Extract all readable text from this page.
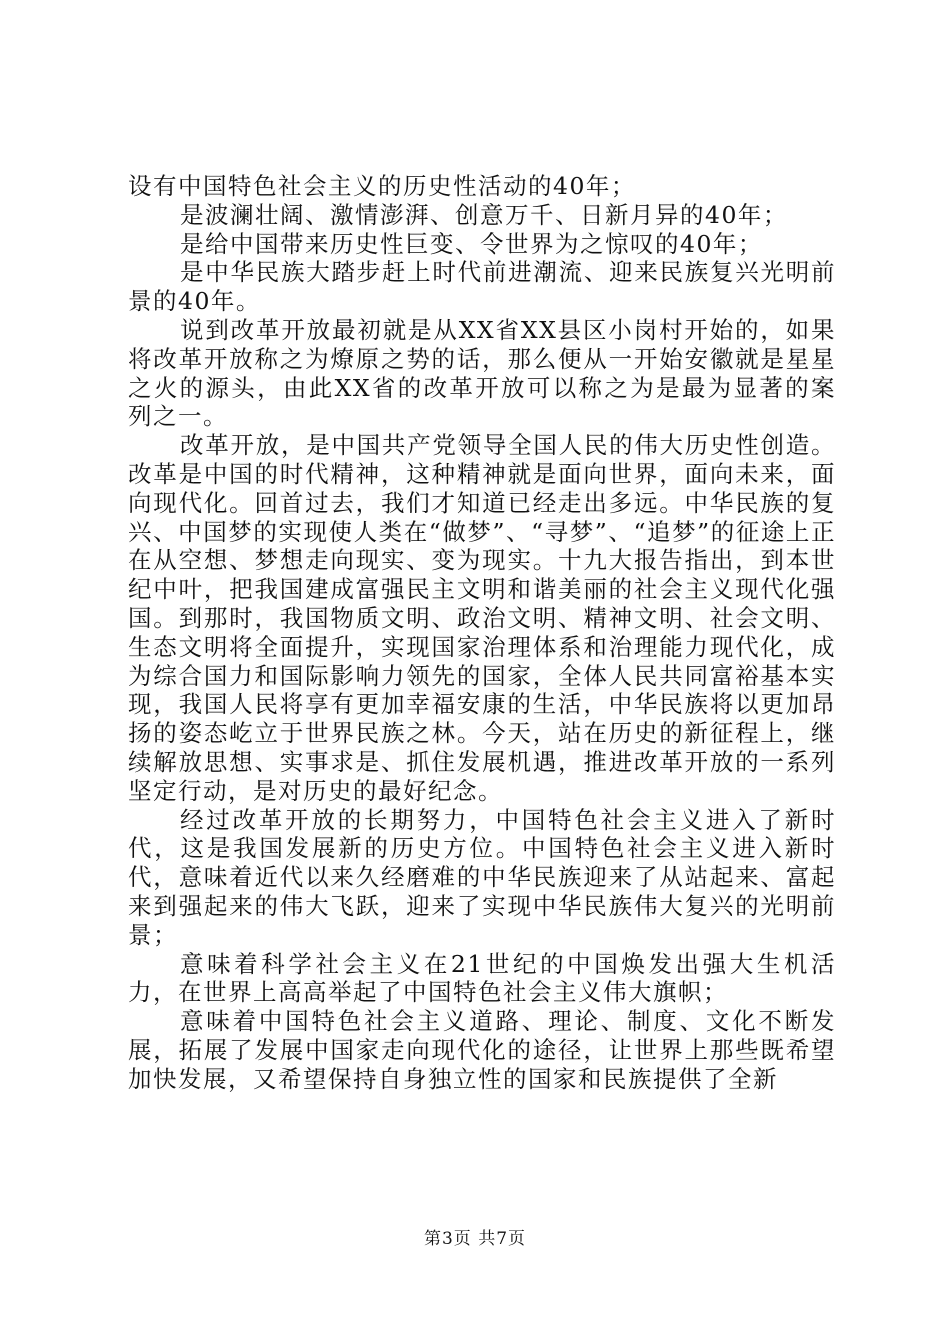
设有中国特色社会主义的历史性活动的40年；

是波澜壮阔、激情澎湃、创意万千、日新月异的40年；

是给中国带来历史性巨变、令世界为之惊叹的40年；

是中华民族大踏步赶上时代前进潮流、迎来民族复兴光明前景的40年。

说到改革开放最初就是从XX省XX县区小岗村开始的，如果将改革开放称之为燎原之势的话，那么便从一开始安徽就是星星之火的源头，由此XX省的改革开放可以称之为是最为显著的案列之一。

改革开放，是中国共产党领导全国人民的伟大历史性创造。改革是中国的时代精神，这种精神就是面向世界，面向未来，面向现代化。回首过去，我们才知道已经走出多远。中华民族的复兴、中国梦的实现使人类在“做梦”、“寻梦”、“追梦”的征途上正在从空想、梦想走向现实、变为现实。十九大报告指出，到本世纪中叶，把我国建成富强民主文明和谐美丽的社会主义现代化强国。到那时，我国物质文明、政治文明、精神文明、社会文明、生态文明将全面提升，实现国家治理体系和治理能力现代化，成为综合国力和国际影响力领先的国家，全体人民共同富裕基本实现，我国人民将享有更加幸福安康的生活，中华民族将以更加昂扬的姿态屹立于世界民族之林。今天，站在历史的新征程上，继续解放思想、实事求是、抓住发展机遇，推进改革开放的一系列坚定行动，是对历史的最好纪念。

经过改革开放的长期努力，中国特色社会主义进入了新时代，这是我国发展新的历史方位。中国特色社会主义进入新时代，意味着近代以来久经磨难的中华民族迎来了从站起来、富起来到强起来的伟大飞跃，迎来了实现中华民族伟大复兴的光明前景；

意味着科学社会主义在21世纪的中国焕发出强大生机活力，在世界上高高举起了中国特色社会主义伟大旗帜；

意味着中国特色社会主义道路、理论、制度、文化不断发展，拓展了发展中国家走向现代化的途径，让世界上那些既希望加快发展，又希望保持自身独立性的国家和民族提供了全新

第3页 共7页
